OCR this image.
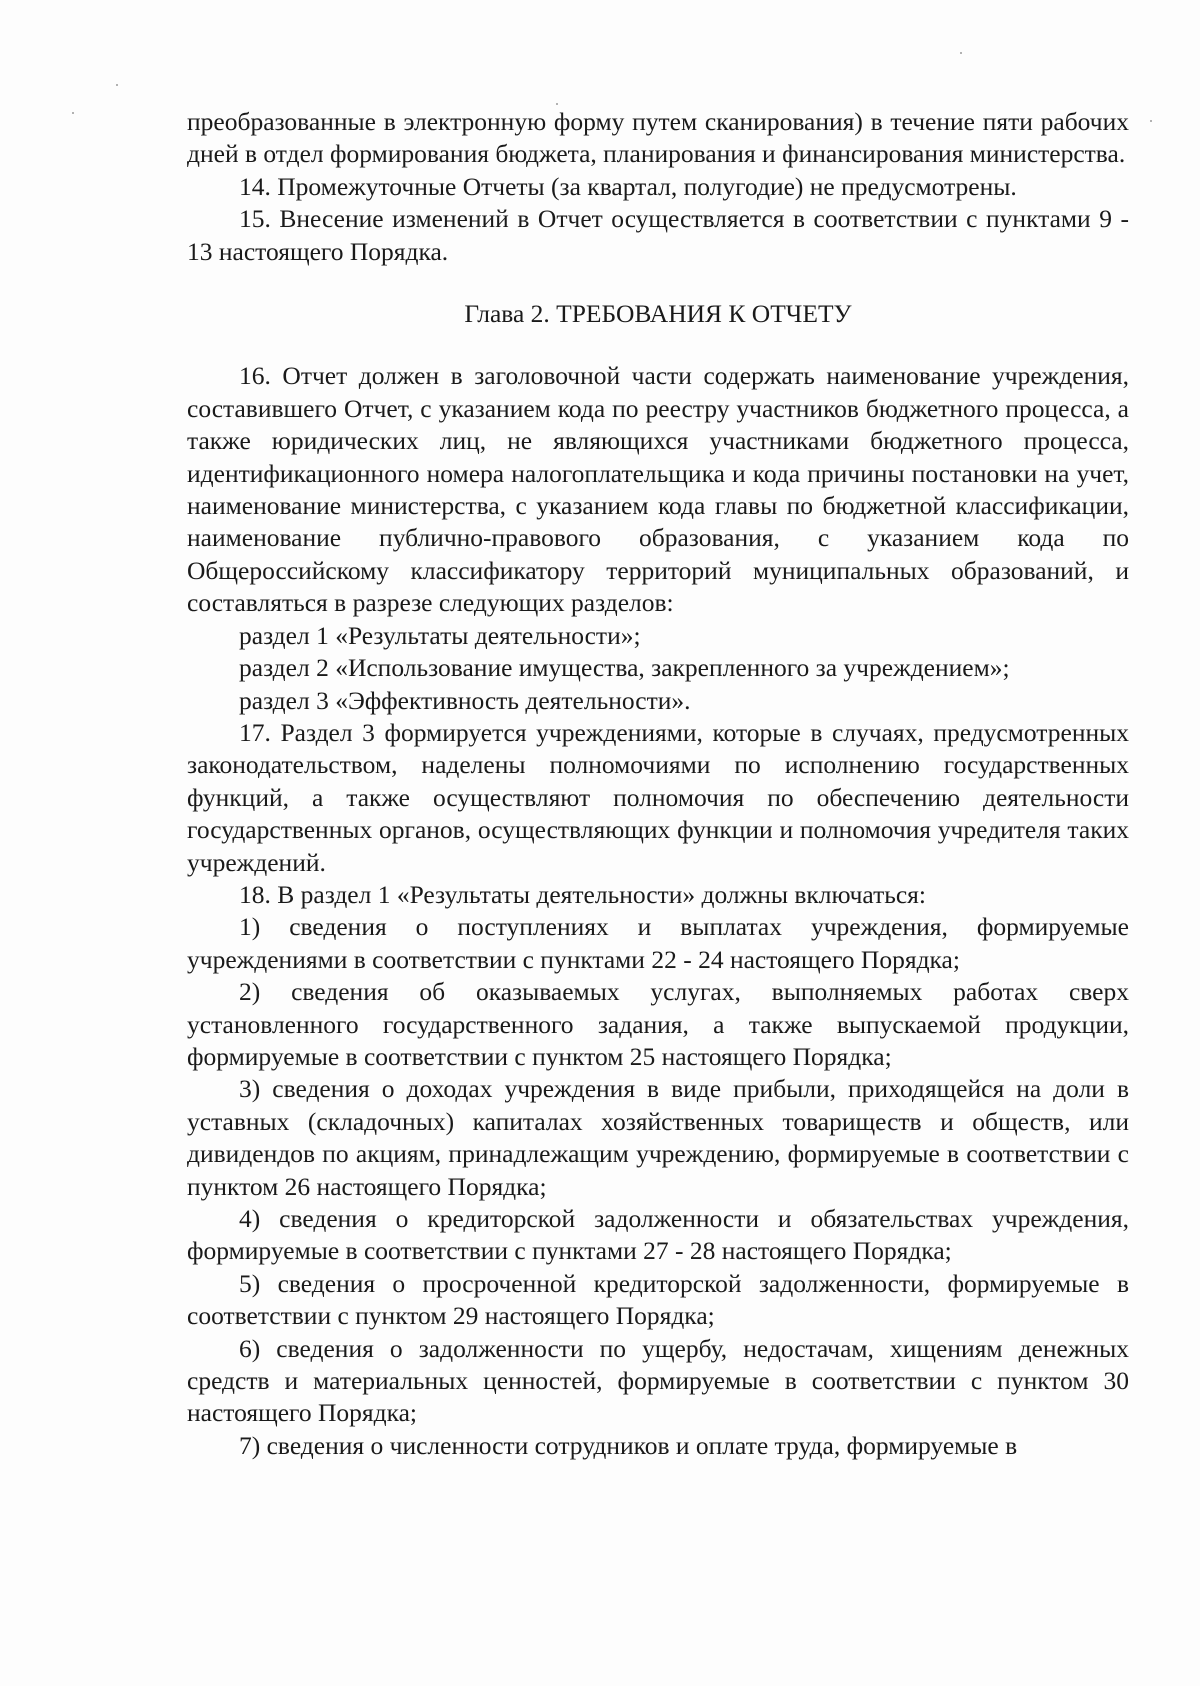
преобразованные в электронную форму путем сканирования) в течение пяти рабочих дней в отдел формирования бюджета, планирования и финансирования министерства.

14. Промежуточные Отчеты (за квартал, полугодие) не предусмотрены.

15. Внесение изменений в Отчет осуществляется в соответствии с пунктами 9 - 13 настоящего Порядка.

Глава 2. ТРЕБОВАНИЯ К ОТЧЕТУ

16. Отчет должен в заголовочной части содержать наименование учреждения, составившего Отчет, с указанием кода по реестру участников бюджетного процесса, а также юридических лиц, не являющихся участниками бюджетного процесса, идентификационного номера налогоплательщика и кода причины постановки на учет, наименование министерства, с указанием кода главы по бюджетной классификации, наименование публично-правового образования, с указанием кода по Общероссийскому классификатору территорий муниципальных образований, и составляться в разрезе следующих разделов:

раздел 1 «Результаты деятельности»;

раздел 2 «Использование имущества, закрепленного за учреждением»;

раздел 3 «Эффективность деятельности».

17. Раздел 3 формируется учреждениями, которые в случаях, предусмотренных законодательством, наделены полномочиями по исполнению государственных функций, а также осуществляют полномочия по обеспечению деятельности государственных органов, осуществляющих функции и полномочия учредителя таких учреждений.

18. В раздел 1 «Результаты деятельности» должны включаться:

1) сведения о поступлениях и выплатах учреждения, формируемые учреждениями в соответствии с пунктами 22 - 24 настоящего Порядка;

2) сведения об оказываемых услугах, выполняемых работах сверх установленного государственного задания, а также выпускаемой продукции, формируемые в соответствии с пунктом 25 настоящего Порядка;

3) сведения о доходах учреждения в виде прибыли, приходящейся на доли в уставных (складочных) капиталах хозяйственных товариществ и обществ, или дивидендов по акциям, принадлежащим учреждению, формируемые в соответствии с пунктом 26 настоящего Порядка;

4) сведения о кредиторской задолженности и обязательствах учреждения, формируемые в соответствии с пунктами 27 - 28 настоящего Порядка;

5) сведения о просроченной кредиторской задолженности, формируемые в соответствии с пунктом 29 настоящего Порядка;

6) сведения о задолженности по ущербу, недостачам, хищениям денежных средств и материальных ценностей, формируемые в соответствии с пунктом 30 настоящего Порядка;

7) сведения о численности сотрудников и оплате труда, формируемые в
